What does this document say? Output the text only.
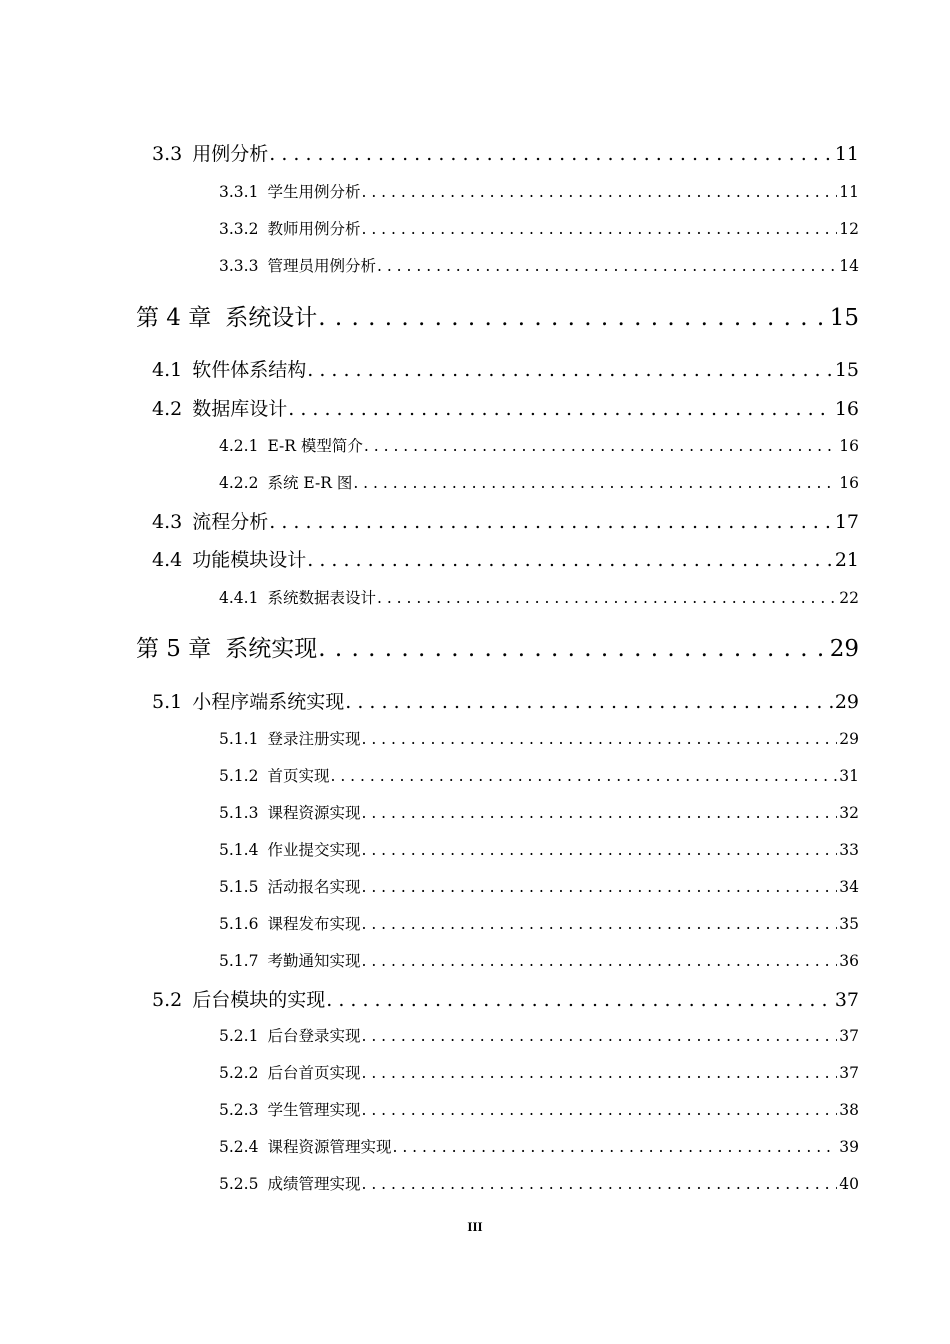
3.3 用例分析 . . .	11
3.3.1 学生用例分析 . . .	11
3.3.2 教师用例分析 . . .	12
3.3.3 管理员用例分析 . . .	14
第 4 章 系统设计 . . .	15
4.1 软件体系结构 . . .	15
4.2 数据库设计 . . .	16
4.2.1 E-R 模型简介 . . .	16
4.2.2 系统 E-R 图 . . .	16
4.3 流程分析 . . .	17
4.4 功能模块设计 . . .	21
4.4.1 系统数据表设计 . . .	22
第 5 章 系统实现 . . .	29
5.1 小程序端系统实现 . . .	29
5.1.1 登录注册实现 . . .	29
5.1.2 首页实现 . . .	31
5.1.3 课程资源实现 . . .	32
5.1.4 作业提交实现 . . .	33
5.1.5 活动报名实现 . . .	34
5.1.6 课程发布实现 . . .	35
5.1.7 考勤通知实现 . . .	36
5.2 后台模块的实现 . . .	37
5.2.1 后台登录实现 . . .	37
5.2.2 后台首页实现 . . .	37
5.2.3 学生管理实现 . . .	38
5.2.4 课程资源管理实现 . . .	39
5.2.5 成绩管理实现 . . .	40
III
